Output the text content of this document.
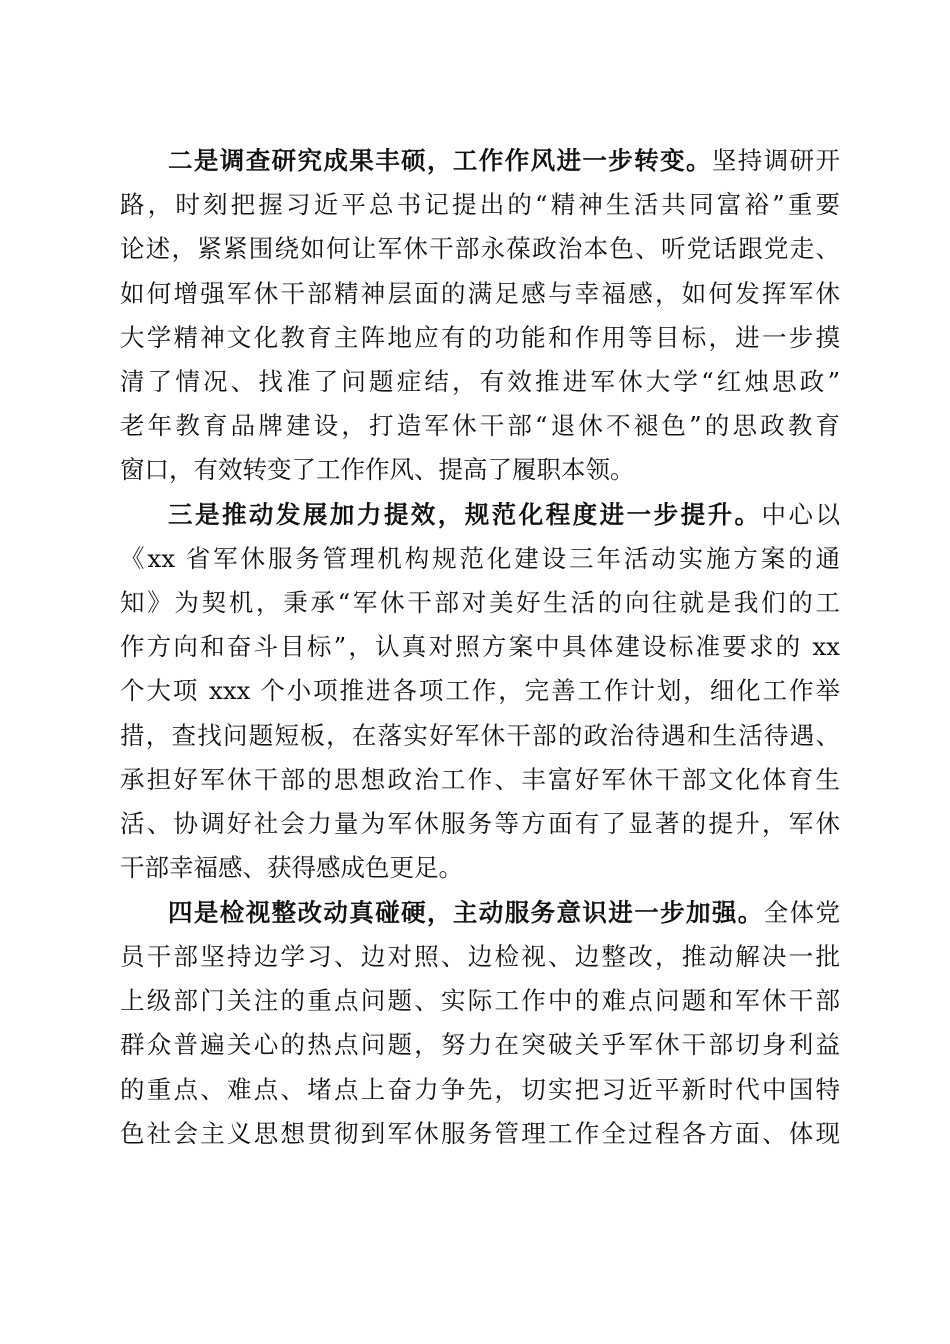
二是调查研究成果丰硕，工作作风进一步转变。坚持调研开
路，时刻把握习近平总书记提出的“精神生活共同富裕”重要
论述，紧紧围绕如何让军休干部永葆政治本色、听党话跟党走、
如何增强军休干部精神层面的满足感与幸福感，如何发挥军休
大学精神文化教育主阵地应有的功能和作用等目标，进一步摸
清了情况、找准了问题症结，有效推进军休大学“红烛思政”
老年教育品牌建设，打造军休干部“退休不褪色”的思政教育
窗口，有效转变了工作作风、提高了履职本领。
三是推动发展加力提效，规范化程度进一步提升。中心以
《xx 省军休服务管理机构规范化建设三年活动实施方案的通
知》为契机，秉承“军休干部对美好生活的向往就是我们的工
作方向和奋斗目标”，认真对照方案中具体建设标准要求的 xx
个大项 xxx 个小项推进各项工作，完善工作计划，细化工作举
措，查找问题短板，在落实好军休干部的政治待遇和生活待遇、
承担好军休干部的思想政治工作、丰富好军休干部文化体育生
活、协调好社会力量为军休服务等方面有了显著的提升，军休
干部幸福感、获得感成色更足。
四是检视整改动真碰硬，主动服务意识进一步加强。全体党
员干部坚持边学习、边对照、边检视、边整改，推动解决一批
上级部门关注的重点问题、实际工作中的难点问题和军休干部
群众普遍关心的热点问题，努力在突破关乎军休干部切身利益
的重点、难点、堵点上奋力争先，切实把习近平新时代中国特
色社会主义思想贯彻到军休服务管理工作全过程各方面、体现
